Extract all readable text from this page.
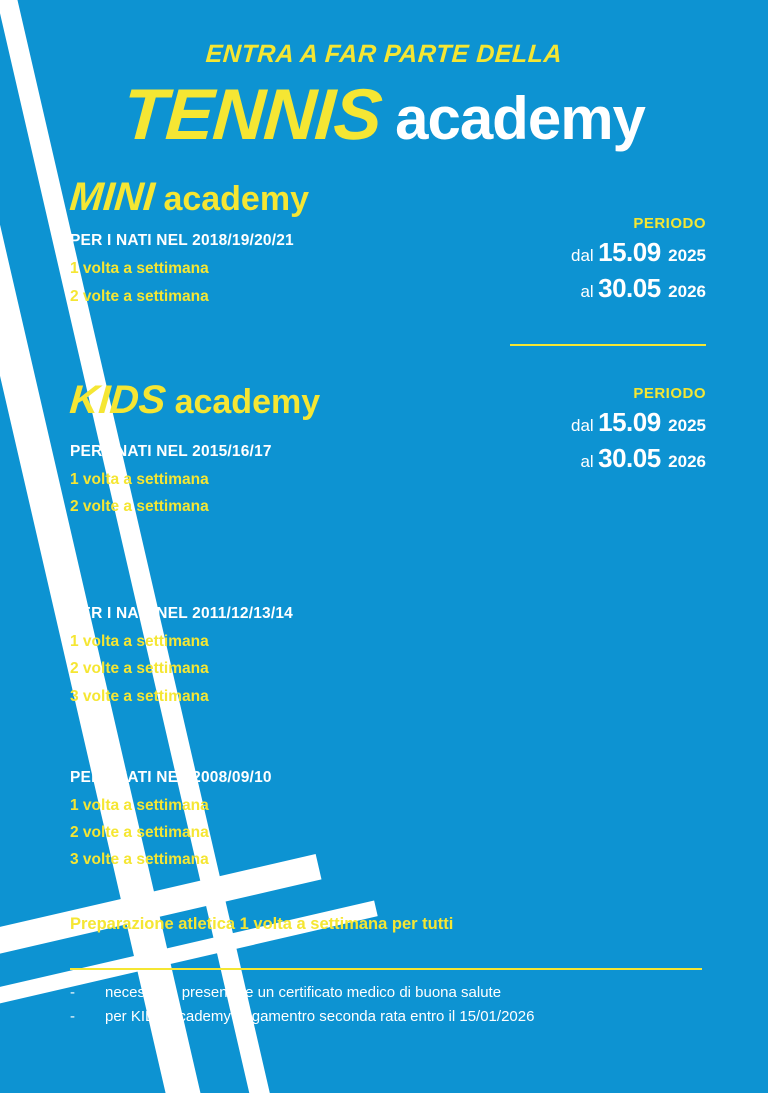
ENTRA A FAR PARTE DELLA
TENNIS academy
MINI academy
PER I NATI NEL 2018/19/20/21
1 volta a settimana
2 volte a settimana
PERIODO
dal 15.09 2025
al 30.05 2026
KIDS academy	PERIODO
dal 15.09 2025
al 30.05 2026
PER I NATI NEL 2015/16/17
1 volta a settimana
2 volte a settimana
PER I NATI NEL 2011/12/13/14
1 volta a settimana
2 volte a settimana
3 volte a settimana
PER I NATI NEL 2008/09/10
1 volta a settimana
2 volte a settimana
3 volte a settimana
Preparazione atletica 1 volta a settimana per tutti
- necessario presentare un certificato medico di buona salute
- per KIDS academy pagamentro seconda rata entro il 15/01/2026
